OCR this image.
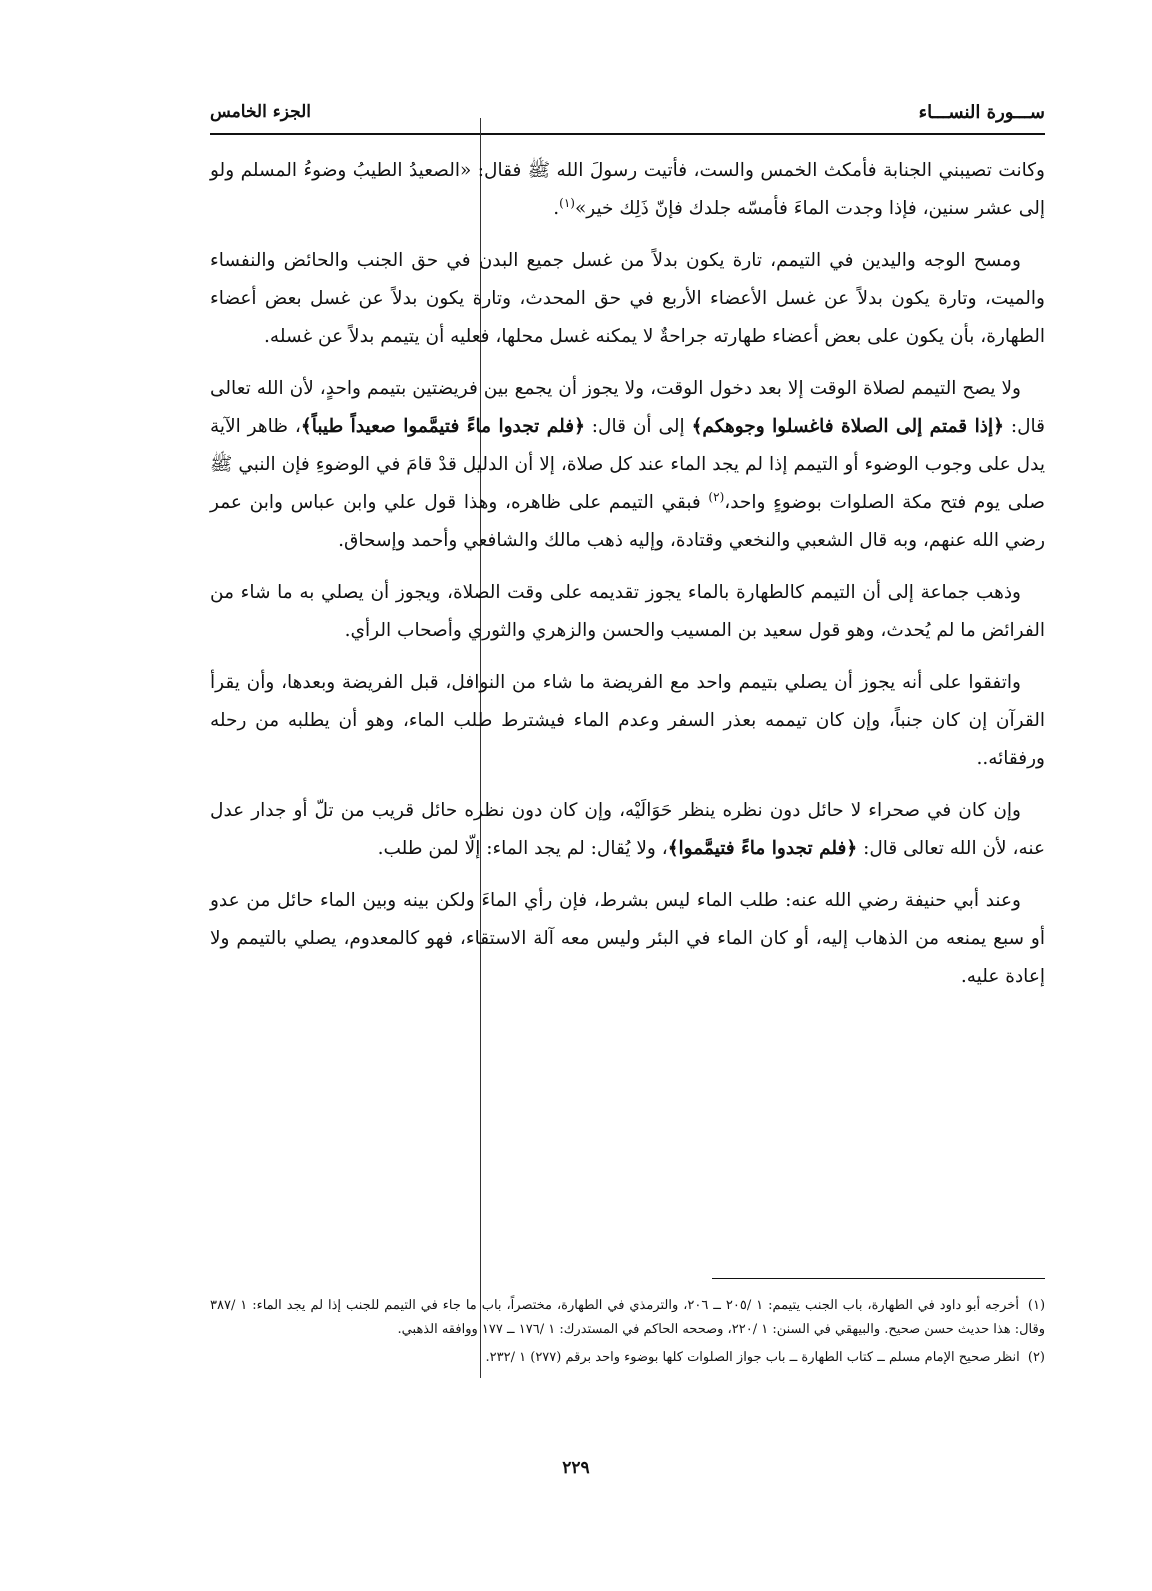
ســـورة النســـاء
الجزء الخامس

وكانت تصيبني الجنابة فأمكث الخمس والست، فأتيت رسولَ الله ﷺ فقال: «الصعيدُ الطيبُ وضوءُ المسلم ولو إلى عشر سنين، فإذا وجدت الماءَ فأمسّه جلدك فإنّ ذَلِك خير»$^{(١)}$.

ومسح الوجه واليدين في التيمم، تارة يكون بدلاً من غسل جميع البدن في حق الجنب والحائض والنفساء والميت، وتارة يكون بدلاً عن غسل الأعضاء الأربع في حق المحدث، وتارة يكون بدلاً عن غسل بعض أعضاء الطهارة، بأن يكون على بعض أعضاء طهارته جراحةٌ لا يمكنه غسل محلها، فعليه أن يتيمم بدلاً عن غسله.

ولا يصح التيمم لصلاة الوقت إلا بعد دخول الوقت، ولا يجوز أن يجمع بين فريضتين بتيمم واحدٍ، لأن الله تعالى قال: ﴿إذا قمتم إلى الصلاة فاغسلوا وجوهكم﴾ إلى أن قال: ﴿فلم تجدوا ماءً فتيمَّموا صعيداً طيباً﴾، ظاهر الآية يدل على وجوب الوضوء أو التيمم إذا لم يجد الماء عند كل صلاة، إلا أن الدليل قدْ قامَ في الوضوءِ فإن النبي ﷺ صلى يوم فتح مكة الصلوات بوضوءٍ واحد،$^{(٢)}$ فبقي التيمم على ظاهره، وهذا قول علي وابن عباس وابن عمر رضي الله عنهم، وبه قال الشعبي والنخعي وقتادة، وإليه ذهب مالك والشافعي وأحمد وإسحاق.

وذهب جماعة إلى أن التيمم كالطهارة بالماء يجوز تقديمه على وقت الصلاة، ويجوز أن يصلي به ما شاء من الفرائض ما لم يُحدث، وهو قول سعيد بن المسيب والحسن والزهري والثوري وأصحاب الرأي.

واتفقوا على أنه يجوز أن يصلي بتيمم واحد مع الفريضة ما شاء من النوافل، قبل الفريضة وبعدها، وأن يقرأ القرآن إن كان جنباً، وإن كان تيممه بعذر السفر وعدم الماء فيشترط طلب الماء، وهو أن يطلبه من رحله ورفقائه..

وإن كان في صحراء لا حائل دون نظره ينظر حَوَالَيْه، وإن كان دون نظره حائل قريب من تلّ أو جدار عدل عنه، لأن الله تعالى قال: ﴿فلم تجدوا ماءً فتيمَّموا﴾، ولا يُقال: لم يجد الماء: إلّا لمن طلب.

وعند أبي حنيفة رضي الله عنه: طلب الماء ليس بشرط، فإن رأي الماءَ ولكن بينه وبين الماء حائل من عدو أو سبع يمنعه من الذهاب إليه، أو كان الماء في البئر وليس معه آلة الاستقاء، فهو كالمعدوم، يصلي بالتيمم ولا إعادة عليه.

(١) أخرجه أبو داود في الطهارة، باب الجنب يتيمم: ١ /٢٠٥ ــ ٢٠٦، والترمذي في الطهارة، مختصراً، باب ما جاء في التيمم للجنب إذا لم يجد الماء: ١ /٣٨٧ وقال: هذا حديث حسن صحيح. والبيهقي في السنن: ١ /٢٢٠، وصححه الحاكم في المستدرك: ١ /١٧٦ ــ ١٧٧ ووافقه الذهبي.
(٢) انظر صحيح الإمام مسلم ــ كتاب الطهارة ــ باب جواز الصلوات كلها بوضوء واحد برقم (٢٧٧) ١ /٢٣٢.
٢٢٩
